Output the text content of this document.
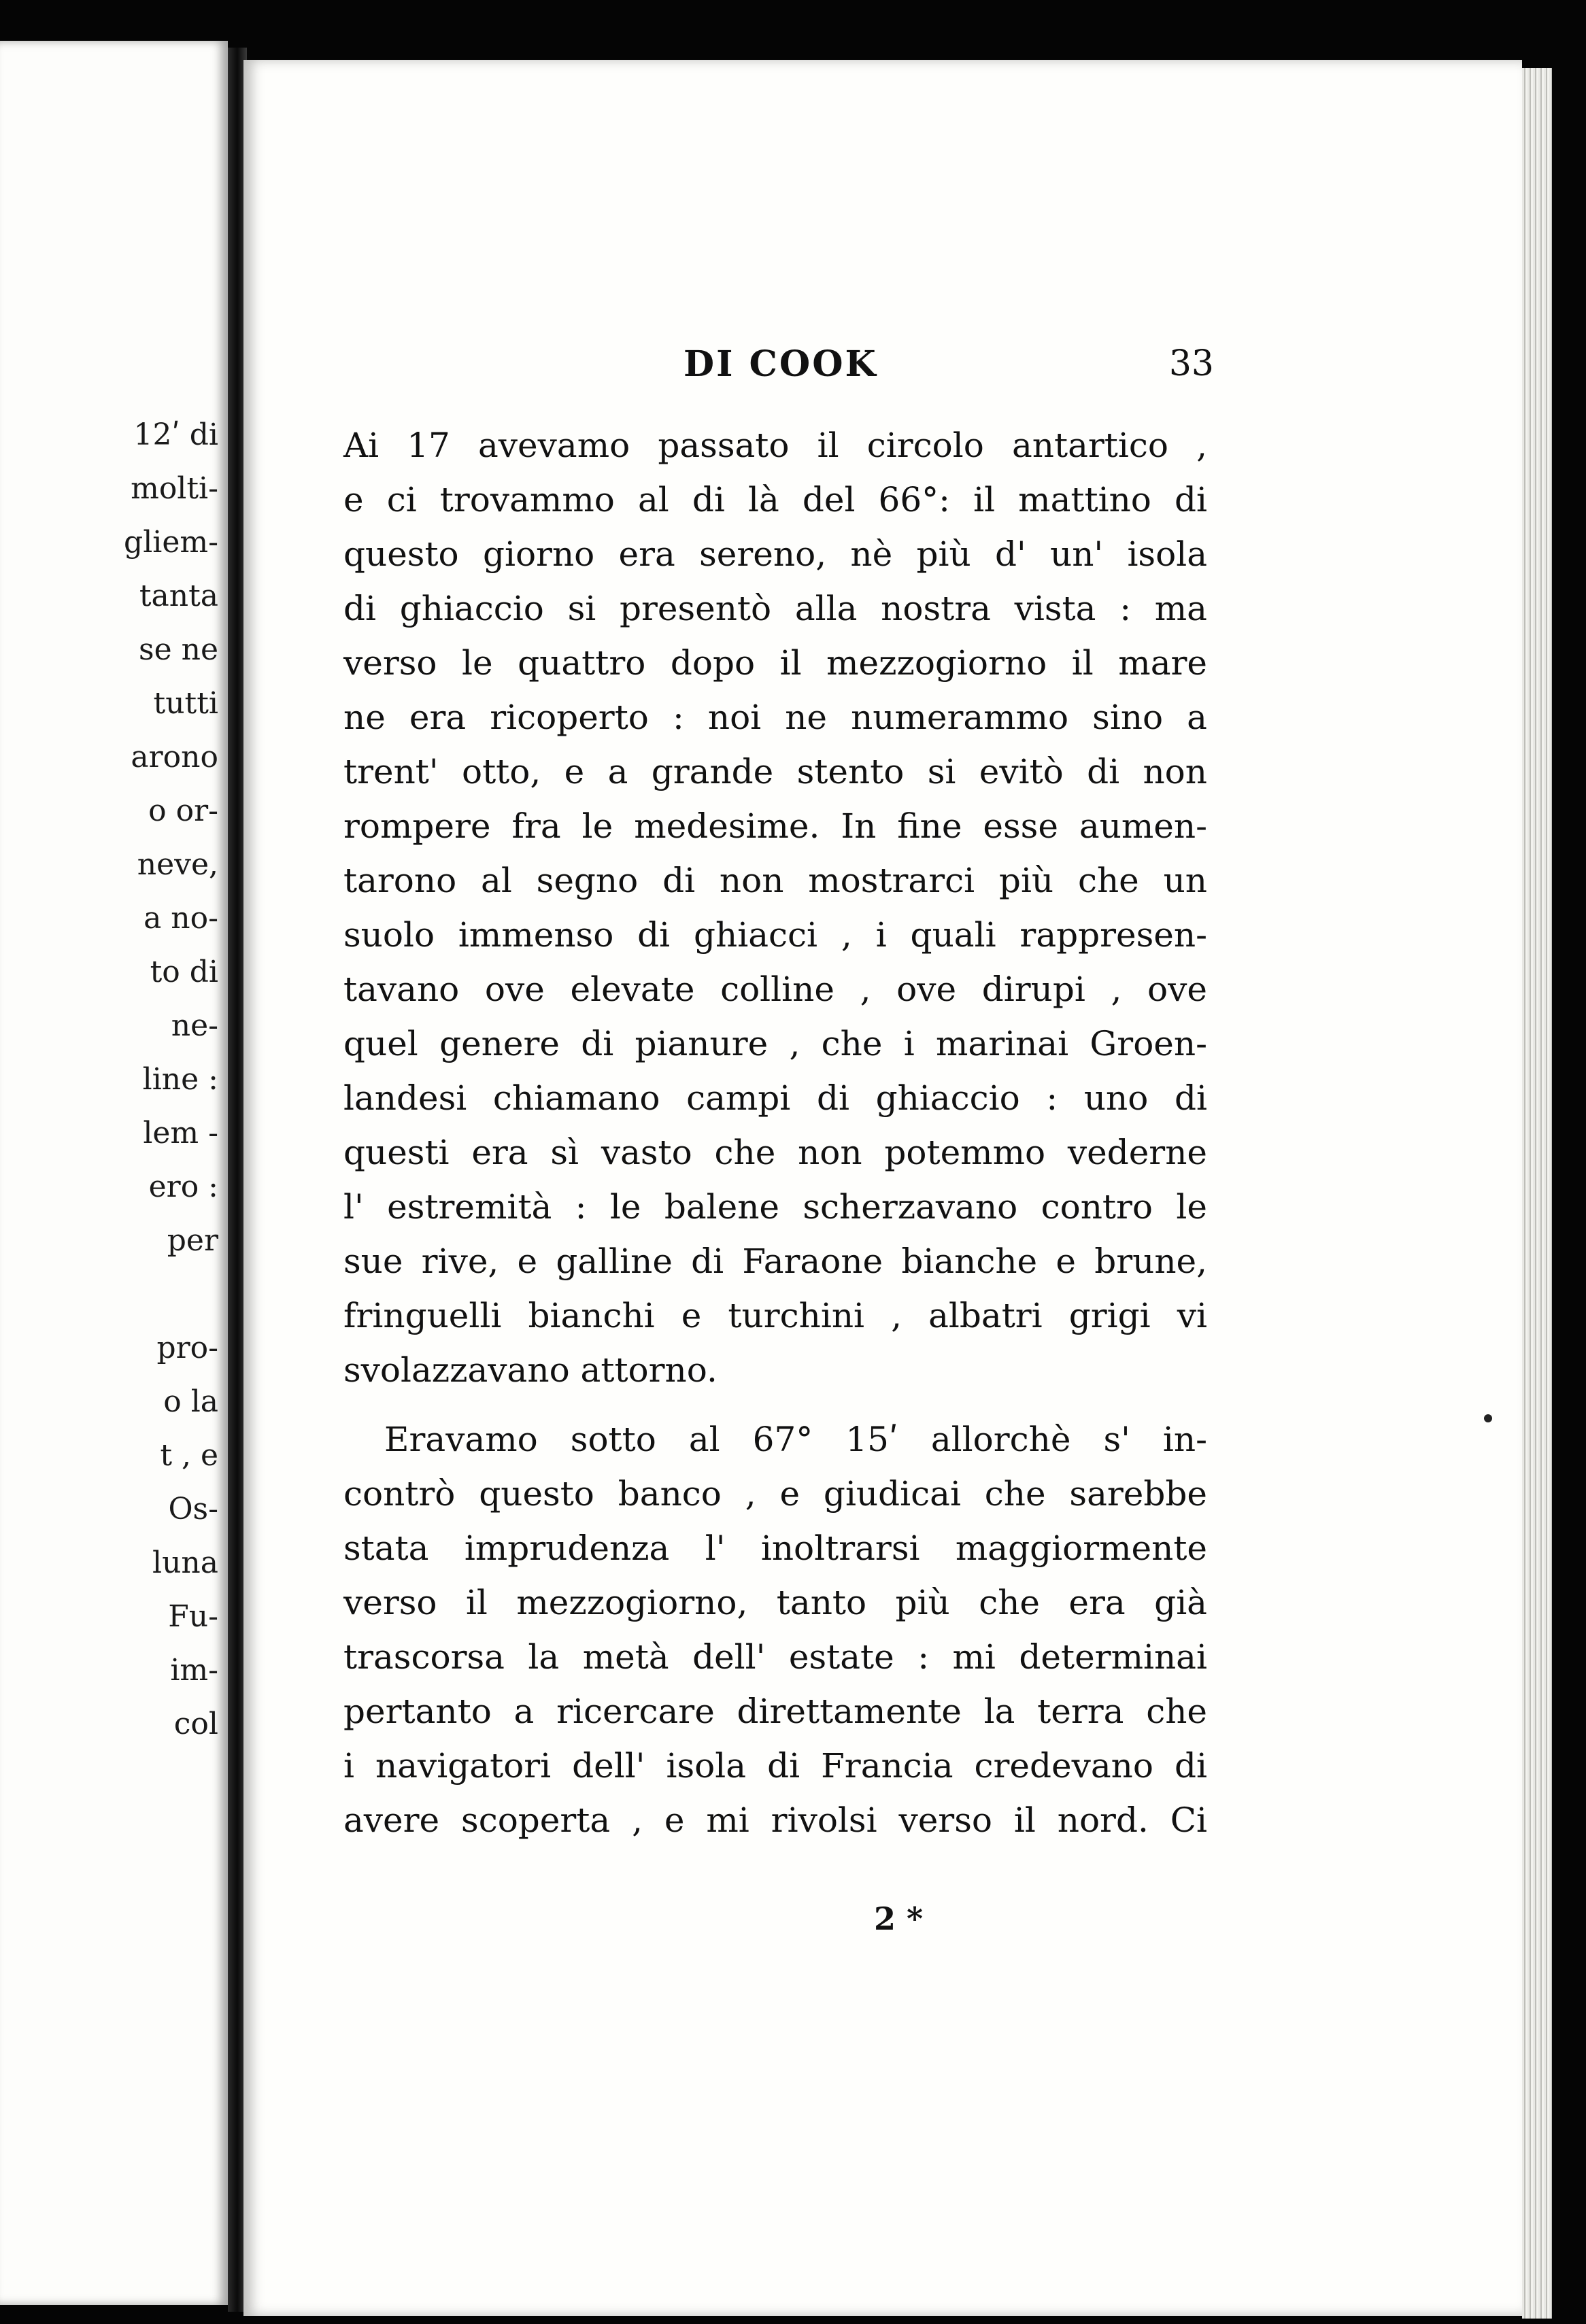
12ʹ di
molti-
gliem-
tanta
se ne
tutti
arono
o or-
neve,
a no-
to di
ne-
line :
lem -
ero :
per
pro-
o la
t , e
Os-
luna
Fu-
im-
col
DI COOK	33
Ai 17 avevamo passato il circolo antartico ,
e ci trovammo al di là del 66°: il mattino di
questo giorno era sereno, nè più d' un' isola
di ghiaccio si presentò alla nostra vista : ma
verso le quattro dopo il mezzogiorno il mare
ne era ricoperto : noi ne numerammo sino a
trent' otto, e a grande stento si evitò di non
rompere fra le medesime. In fine esse aumen-
tarono al segno di non mostrarci più che un
suolo immenso di ghiacci , i quali rappresen-
tavano ove elevate colline , ove dirupi , ove
quel genere di pianure , che i marinai Groen-
landesi chiamano campi di ghiaccio : uno di
questi era sì vasto che non potemmo vederne
l' estremità : le balene scherzavano contro le
sue rive, e galline di Faraone bianche e brune,
fringuelli bianchi e turchini , albatri grigi vi
svolazzavano attorno.
Eravamo sotto al 67° 15ʹ allorchè s' in-
contrò questo banco , e giudicai che sarebbe
stata imprudenza l' inoltrarsi maggiormente
verso il mezzogiorno, tanto più che era già
trascorsa la metà dell' estate : mi determinai
pertanto a ricercare direttamente la terra che
i navigatori dell' isola di Francia credevano di
avere scoperta , e mi rivolsi verso il nord. Ci
2 *
